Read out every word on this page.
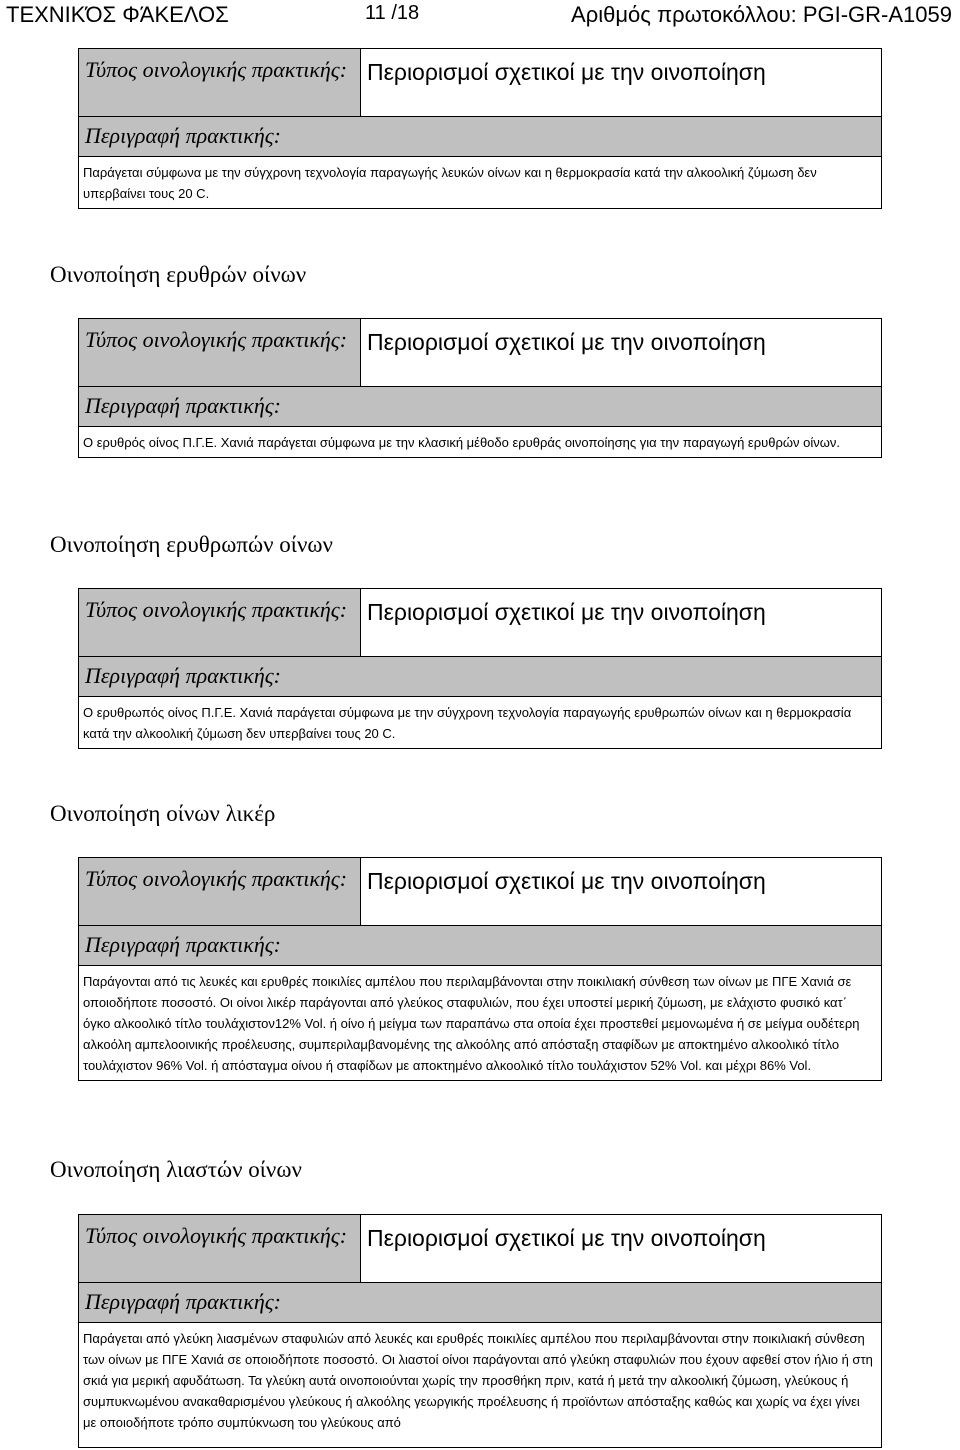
ΤΕΧΝΙΚΌΣ ΦΆΚΕΛΟΣ	11 /18	Αριθμός πρωτοκόλλου: PGI-GR-A1059
Τύπος οινολογικής πρακτικής: Περιορισμοί σχετικοί με την οινοποίηση
Περιγραφή πρακτικής:
Παράγεται σύμφωνα με την σύγχρονη τεχνολογία παραγωγής λευκών οίνων και η θερμοκρασία κατά την αλκοολική ζύμωση δεν υπερβαίνει τους 20 C.
Οινοποίηση ερυθρών οίνων
Τύπος οινολογικής πρακτικής: Περιορισμοί σχετικοί με την οινοποίηση
Περιγραφή πρακτικής:
Ο ερυθρός οίνος Π.Γ.Ε. Χανιά παράγεται σύμφωνα με την κλασική μέθοδο ερυθράς οινοποίησης για την παραγωγή ερυθρών οίνων.
Οινοποίηση ερυθρωπών οίνων
Τύπος οινολογικής πρακτικής: Περιορισμοί σχετικοί με την οινοποίηση
Περιγραφή πρακτικής:
Ο ερυθρωπός οίνος Π.Γ.Ε. Χανιά παράγεται σύμφωνα με την σύγχρονη τεχνολογία παραγωγής ερυθρωπών οίνων και η θερμοκρασία κατά την αλκοολική ζύμωση δεν υπερβαίνει τους 20 C.
Οινοποίηση οίνων λικέρ
Τύπος οινολογικής πρακτικής: Περιορισμοί σχετικοί με την οινοποίηση
Περιγραφή πρακτικής:
Παράγονται από τις λευκές και ερυθρές ποικιλίες αμπέλου που περιλαμβάνονται στην ποικιλιακή σύνθεση των οίνων με ΠΓΕ Χανιά σε οποιοδήποτε ποσοστό. Οι οίνοι λικέρ παράγονται από γλεύκος σταφυλιών, που έχει υποστεί μερική ζύμωση, με ελάχιστο φυσικό κατ΄ όγκο αλκοολικό τίτλο τουλάχιστον12% Vol. ή οίνο ή μείγμα των παραπάνω στα οποία έχει προστεθεί μεμονωμένα ή σε μείγμα ουδέτερη αλκοόλη αμπελοοινικής προέλευσης, συμπεριλαμβανομένης της αλκοόλης από απόσταξη σταφίδων με αποκτημένο αλκοολικό τίτλο τουλάχιστον 96% Vol. ή απόσταγμα οίνου ή σταφίδων με αποκτημένο αλκοολικό τίτλο τουλάχιστον 52% Vol. και μέχρι 86% Vol.
Οινοποίηση λιαστών οίνων
Τύπος οινολογικής πρακτικής: Περιορισμοί σχετικοί με την οινοποίηση
Περιγραφή πρακτικής:
Παράγεται από γλεύκη λιασμένων σταφυλιών από λευκές και ερυθρές ποικιλίες αμπέλου που περιλαμβάνονται στην ποικιλιακή σύνθεση των οίνων με ΠΓΕ Χανιά σε οποιοδήποτε ποσοστό. Οι λιαστοί οίνοι παράγονται από γλεύκη σταφυλιών που έχουν αφεθεί στον ήλιο ή στη σκιά για μερική αφυδάτωση. Τα γλεύκη αυτά οινοποιούνται χωρίς την προσθήκη πριν, κατά ή μετά την αλκοολική ζύμωση, γλεύκους ή συμπυκνωμένου ανακαθαρισμένου γλεύκους ή αλκοόλης γεωργικής προέλευσης ή προϊόντων απόσταξης καθώς και χωρίς να έχει γίνει με οποιοδήποτε τρόπο συμπύκνωση του γλεύκους από
